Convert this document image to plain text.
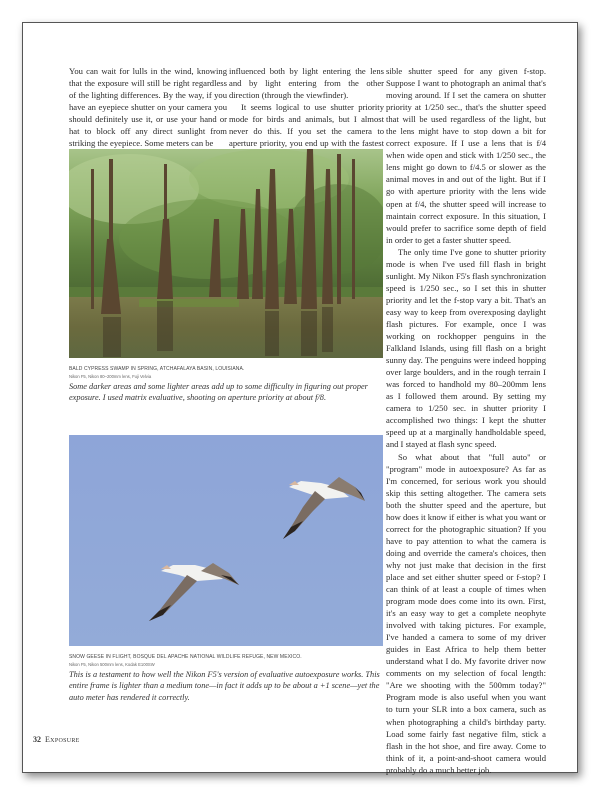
You can wait for lulls in the wind, knowing that the exposure will still be right regardless of the lighting differences. By the way, if you have an eyepiece shutter on your camera you should definitely use it, or use your hand or hat to block off any direct sunlight from striking the eyepiece. Some meters can be

influenced both by light entering the lens and by light entering from the other direction (through the viewfinder).

It seems logical to use shutter priority mode for birds and animals, but I almost never do this. If you set the camera to aperture priority, you end up with the fastest

sible shutter speed for any given f-stop. Suppose I want to photograph an animal that's moving around. If I set the camera on shutter priority at 1/250 sec., that's the shutter speed that will be used regardless of the light, but the lens might have to stop down a bit for correct exposure. If I use a lens that is f/4 when wide open and stick with 1/250 sec., the lens might go down to f/4.5 or slower as the animal moves in and out of the light. But if I go with aperture priority with the lens wide open at f/4, the shutter speed will increase to maintain correct exposure. In this situation, I would prefer to sacrifice some depth of field in order to get a faster shutter speed.

The only time I've gone to shutter priority mode is when I've used fill flash in bright sunlight. My Nikon F5's flash synchronization speed is 1/250 sec., so I set this in shutter priority and let the f-stop vary a bit. That's an easy way to keep from overexposing daylight flash pictures. For example, once I was working on rockhopper penguins in the Falkland Islands, using fill flash on a bright sunny day. The penguins were indeed hopping over large boulders, and in the rough terrain I was forced to handhold my 80–200mm lens as I followed them around. By setting my camera to 1/250 sec. in shutter priority I accomplished two things: I kept the shutter speed up at a marginally handholdable speed, and I stayed at flash sync speed.

So what about that "full auto" or "program" mode in autoexposure? As far as I'm concerned, for serious work you should skip this setting altogether. The camera sets both the shutter speed and the aperture, but how does it know if either is what you want or correct for the photographic situation? If you have to pay attention to what the camera is doing and override the camera's choices, then why not just make that decision in the first place and set either shutter speed or f-stop? I can think of at least a couple of times when program mode does come into its own. First, it's an easy way to get a complete neophyte involved with taking pictures. For example, I've handed a camera to some of my driver guides in East Africa to help them better understand what I do. My favorite driver now comments on my selection of focal length: "Are we shooting with the 500mm today?" Program mode is also useful when you want to turn your SLR into a box camera, such as when photographing a child's birthday party. Load some fairly fast negative film, stick a flash in the hot shoe, and fire away. Come to think of it, a point-and-shoot camera would probably do a much better job.

BALD CYPRESS SWAMP IN SPRING, ATCHAFALAYA BASIN, LOUISIANA.
Nikon F5, Nikon 80–200mm lens, Fuji Velvia
Some darker areas and some lighter areas add up to some difficulty in figuring out proper exposure. I used matrix evaluative, shooting on aperture priority at about f/8.
SNOW GEESE IN FLIGHT, BOSQUE DEL APACHE NATIONAL WILDLIFE REFUGE, NEW MEXICO.
Nikon F5, Nikon 500mm lens, Kodak E100SW
This is a testament to how well the Nikon F5's version of evaluative autoexposure works. This entire frame is lighter than a medium tone—in fact it adds up to be about a +1 scene—yet the auto meter has rendered it correctly.
32 Exposure
